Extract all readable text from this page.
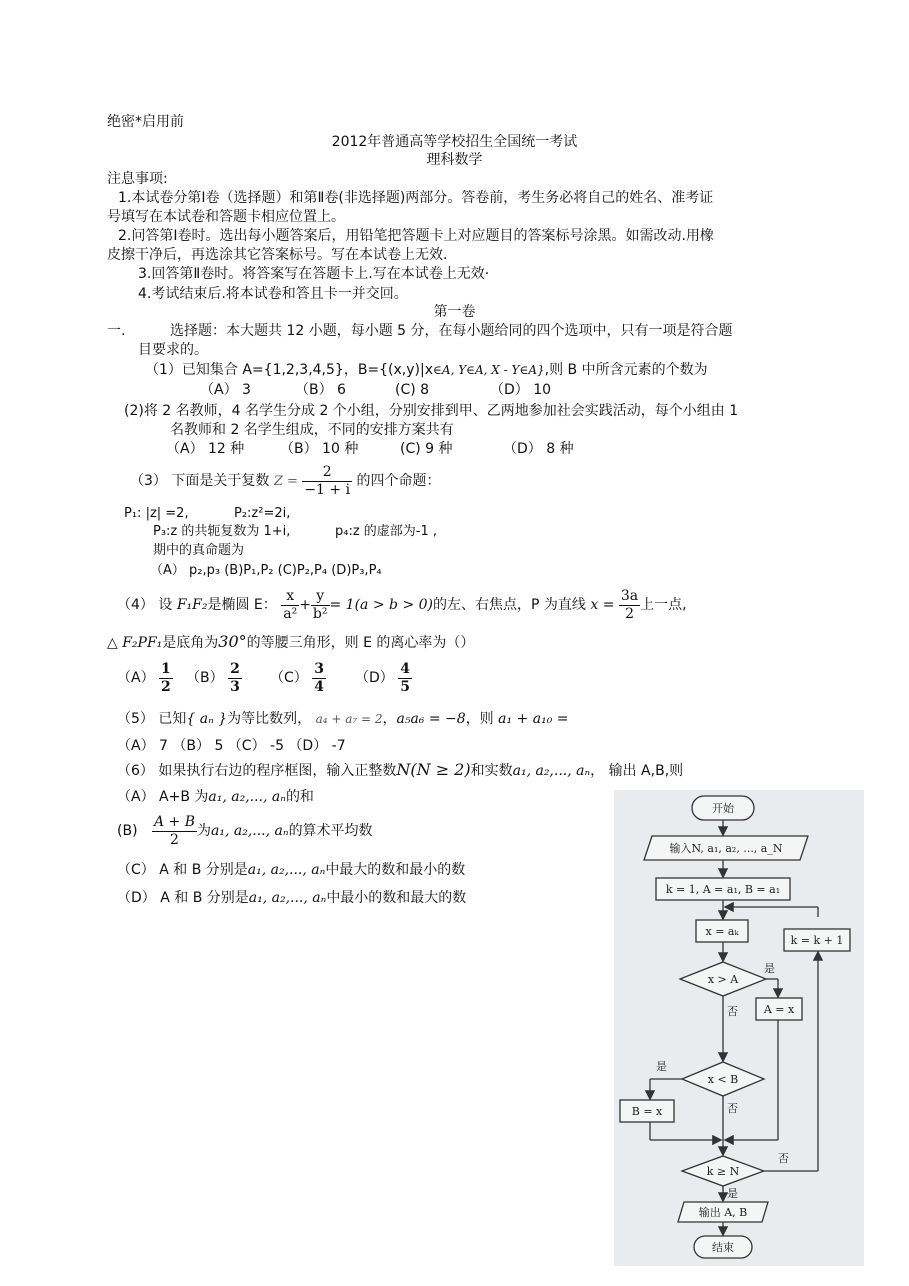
绝密*启用前
2012年普通高等学校招生全国统一考试
理科数学
注息事项:
1.本试卷分第Ⅰ卷（选择题）和第Ⅱ卷(非选择题)两部分。答卷前，考生务必将自己的姓名、准考证
号填写在本试卷和答题卡相应位置上。
2.问答第Ⅰ卷时。选出每小题答案后，用铅笔把答题卡上对应题目的答案标号涂黑。如需改动.用橡
皮擦干净后，再选涂其它答案标号。写在本试卷上无效.
3.回答第Ⅱ卷时。将答案写在答题卡上.写在本试卷上无效·
4.考试结束后.将本试卷和答且卡一并交回。
第一卷
一.	选择题：本大题共 12 小题，每小题 5 分，在每小题给同的四个选项中，只有一项是符合题
目要求的。
（1）已知集合 A={1,2,3,4,5}，B={(x,y)|x∈A, Y∈A, X - Y∈A},则 B 中所含元素的个数为
（A） 3	（B） 6	(C) 8	（D） 10
(2)将 2 名教师，4 名学生分成 2 个小组，分别安排到甲、乙两地参加社会实践活动，每个小组由 1
名教师和 2 名学生组成，不同的安排方案共有
（A） 12 种	（B） 10 种	(C) 9 种	（D） 8 种
（3） 下面是关于复数 $Z = \frac{2}{-1 + i}$ 的四个命题：
P₁: |z| =2,	P₂:z²=2i,
P₃:z 的共轭复数为 1+i,	p₄:z 的虚部为-1 ,
期中的真命题为
（A） p₂,p₃ (B)P₁,P₂ (C)P₂,P₄ (D)P₃,P₄
（4） 设 F₁F₂是椭圆 E： $\frac{x}{\text{a²}} + \frac{y}{\text{b²}} = 1(a > b > 0)$的左、右焦点，P 为直线 $x = \frac{3a}{2}$ 上一点,
△ F₂PF₁是底角为30°的等腰三角形，则 E 的离心率为（）
$(A) \frac{1}{2} (B) \frac{2}{3} (C) \frac{3}{4} (D) \frac{4}{5}$
（5） 已知{ aₙ }为等比数列， a₄ + a₇ = 2，a₅a₆ = −8，则 a₁ + a₁₀ =
（A） 7 （B） 5 （C） -5 （D） -7
（6） 如果执行右边的程序框图，输入正整数N(N ≥ 2)和实数a₁, a₂,..., aₙ， 输出 A,B,则
（A） A+B 为a₁, a₂,..., aₙ的和
$(B) \frac{A + B}{2}$ 为a₁, a₂,..., aₙ的算术平均数
（C） A 和 B 分别是a₁, a₂,..., aₙ中最大的数和最小的数
（D） A 和 B 分别是a₁, a₂,..., aₙ中最小的数和最大的数
开始
输入N, a₁, a₂, ..., a_N
k = 1, A = a₁, B = a₁
x = aₖ
k = k + 1
x > A
是
否 A = x
x < B
是
否
B = x
k ≥ N
否
是
输出 A, B
结束
